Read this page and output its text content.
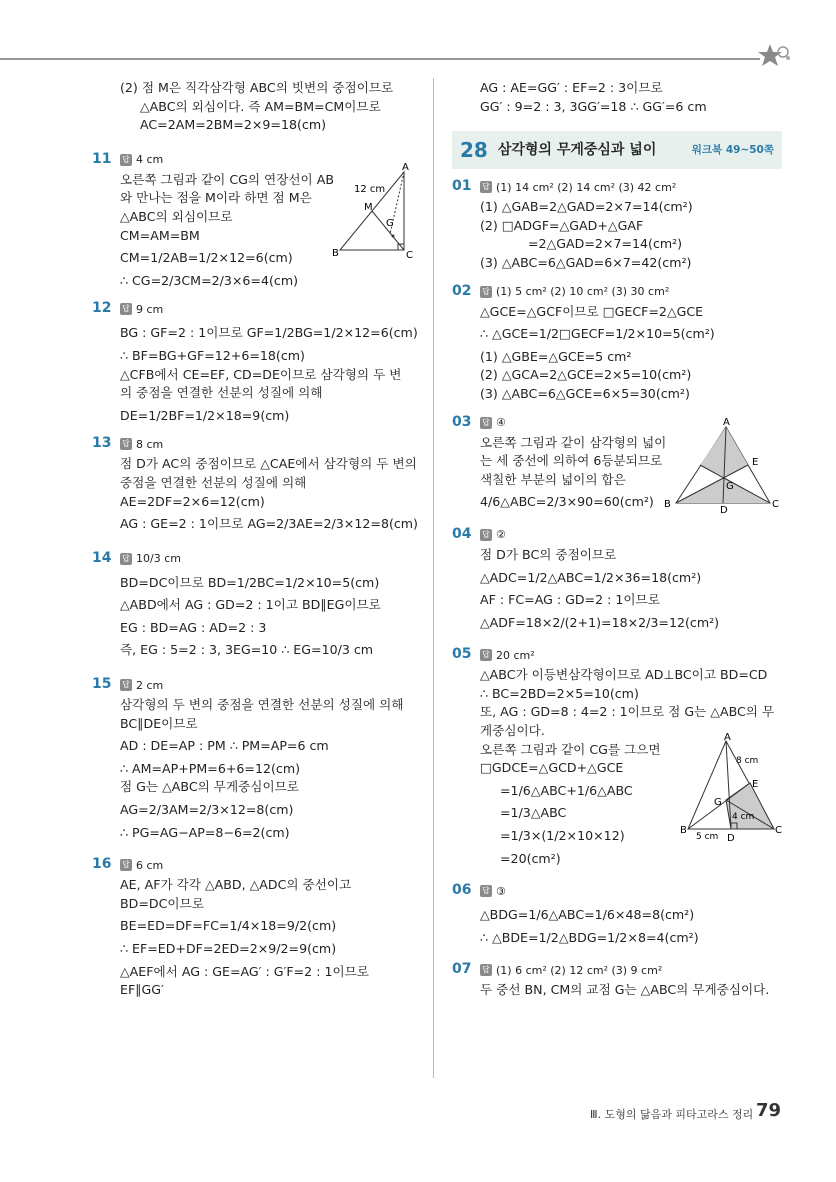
(2) 점 M은 직각삼각형 ABC의 빗변의 중점이므로
△ABC의 외심이다. 즉 AM=BM=CM이므로
AC=2AM=2BM=2×9=18(cm)
11 답 4 cm
오른쪽 그림과 같이 CG의 연장선이 AB
와 만나는 점을 M이라 하면 점 M은
△ABC의 외심이므로
CM=AM=BM
CM=1/2AB=1/2×12=6(cm)
∴ CG=2/3CM=2/3×6=4(cm)
A
B	C
M
G
12 cm
12 답 9 cm
BG : GF=2 : 1이므로 GF=1/2BG=1/2×12=6(cm)
∴ BF=BG+GF=12+6=18(cm)
△CFB에서 CE=EF, CD=DE이므로 삼각형의 두 변
의 중점을 연결한 선분의 성질에 의해
DE=1/2BF=1/2×18=9(cm)
13 답 8 cm
점 D가 AC의 중점이므로 △CAE에서 삼각형의 두 변의
중점을 연결한 선분의 성질에 의해
AE=2DF=2×6=12(cm)
AG : GE=2 : 1이므로 AG=2/3AE=2/3×12=8(cm)
14 답 10/3 cm
BD=DC이므로 BD=1/2BC=1/2×10=5(cm)
△ABD에서 AG : GD=2 : 1이고 BD∥EG이므로
EG : BD=AG : AD=2 : 3
즉, EG : 5=2 : 3, 3EG=10 ∴ EG=10/3 cm
15 답 2 cm
삼각형의 두 변의 중점을 연결한 선분의 성질에 의해
BC∥DE이므로
AD : DE=AP : PM ∴ PM=AP=6 cm
∴ AM=AP+PM=6+6=12(cm)
점 G는 △ABC의 무게중심이므로
AG=2/3AM=2/3×12=8(cm)
∴ PG=AG−AP=8−6=2(cm)
16 답 6 cm
AE, AF가 각각 △ABD, △ADC의 중선이고
BD=DC이므로
BE=ED=DF=FC=1/4×18=9/2(cm)
∴ EF=ED+DF=2ED=2×9/2=9(cm)
△AEF에서 AG : GE=AG′ : G′F=2 : 1이므로
EF∥GG′
AG : AE=GG′ : EF=2 : 3이므로
GG′ : 9=2 : 3, 3GG′=18 ∴ GG′=6 cm
28 삼각형의 무게중심과 넓이	워크북 49~50쪽
01 답 (1) 14 cm² (2) 14 cm² (3) 42 cm²
(1) △GAB=2△GAD=2×7=14(cm²)
(2) □ADGF=△GAD+△GAF
=2△GAD=2×7=14(cm²)
(3) △ABC=6△GAD=6×7=42(cm²)
02 답 (1) 5 cm² (2) 10 cm² (3) 30 cm²
△GCE=△GCF이므로 □GECF=2△GCE
∴ △GCE=1/2□GECF=1/2×10=5(cm²)
(1) △GBE=△GCE=5 cm²
(2) △GCA=2△GCE=2×5=10(cm²)
(3) △ABC=6△GCE=6×5=30(cm²)
03 답 ④
오른쪽 그림과 같이 삼각형의 넓이
는 세 중선에 의하여 6등분되므로
색칠한 부분의 넓이의 합은
4/6△ABC=2/3×90=60(cm²)
A
B	C
D
E
G
04 답 ②
점 D가 BC의 중점이므로
△ADC=1/2△ABC=1/2×36=18(cm²)
AF : FC=AG : GD=2 : 1이므로
△ADF=18×2/(2+1)=18×2/3=12(cm²)
05 답 20 cm²
△ABC가 이등변삼각형이므로 AD⊥BC이고 BD=CD
∴ BC=2BD=2×5=10(cm)
또, AG : GD=8 : 4=2 : 1이므로 점 G는 △ABC의 무
게중심이다.
오른쪽 그림과 같이 CG를 그으면
□GDCE=△GCD+△GCE
=1/6△ABC+1/6△ABC
=1/3△ABC
=1/3×(1/2×10×12)
=20(cm²)
A
B	C
D
E
G
8 cm
4 cm
5 cm
06 답 ③
△BDG=1/6△ABC=1/6×48=8(cm²)
∴ △BDE=1/2△BDG=1/2×8=4(cm²)
07 답 (1) 6 cm² (2) 12 cm² (3) 9 cm²
두 중선 BN, CM의 교점 G는 △ABC의 무게중심이다.
Ⅲ. 도형의 닮음과 피타고라스 정리 79
